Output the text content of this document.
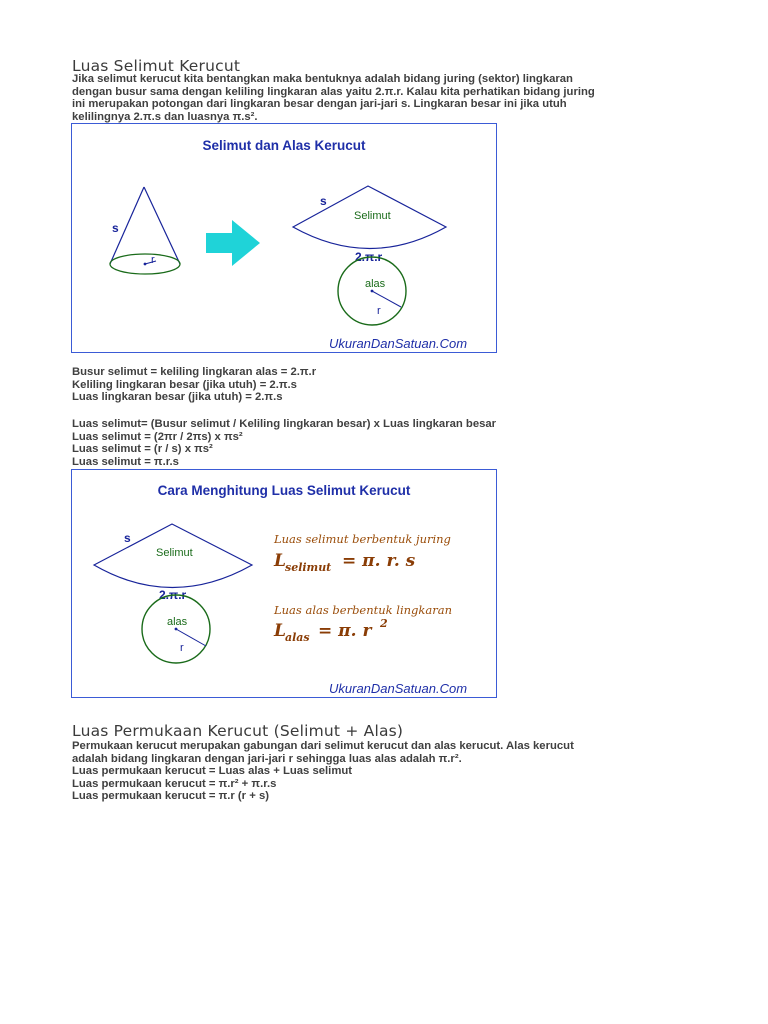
Luas Selimut Kerucut
Jika selimut kerucut kita bentangkan maka bentuknya adalah bidang juring (sektor) lingkaran
dengan busur sama dengan keliling lingkaran alas yaitu 2.π.r. Kalau kita perhatikan bidang juring
ini merupakan potongan dari lingkaran besar dengan jari-jari s. Lingkaran besar ini jika utuh
kelilingnya 2.π.s dan luasnya π.s².
Selimut dan Alas Kerucut
s
r
s
Selimut
2.π.r
alas
r
UkuranDanSatuan.Com
Busur selimut = keliling lingkaran alas = 2.π.r
Keliling lingkaran besar (jika utuh) = 2.π.s
Luas lingkaran besar (jika utuh) = 2.π.s
Luas selimut= (Busur selimut / Keliling lingkaran besar) x Luas lingkaran besar
Luas selimut = (2πr / 2πs) x πs²
Luas selimut = (r / s) x πs²
Luas selimut = π.r.s
Cara Menghitung Luas Selimut Kerucut
s
Selimut
2.π.r
alas
r
Luas selimut berbentuk juring
L selimut = π. r. s
Luas alas berbentuk lingkaran
L alas = π. r 2
UkuranDanSatuan.Com
Luas Permukaan Kerucut (Selimut + Alas)
Permukaan kerucut merupakan gabungan dari selimut kerucut dan alas kerucut. Alas kerucut
adalah bidang lingkaran dengan jari-jari r sehingga luas alas adalah π.r².
Luas permukaan kerucut = Luas alas + Luas selimut
Luas permukaan kerucut = π.r² + π.r.s
Luas permukaan kerucut = π.r (r + s)
